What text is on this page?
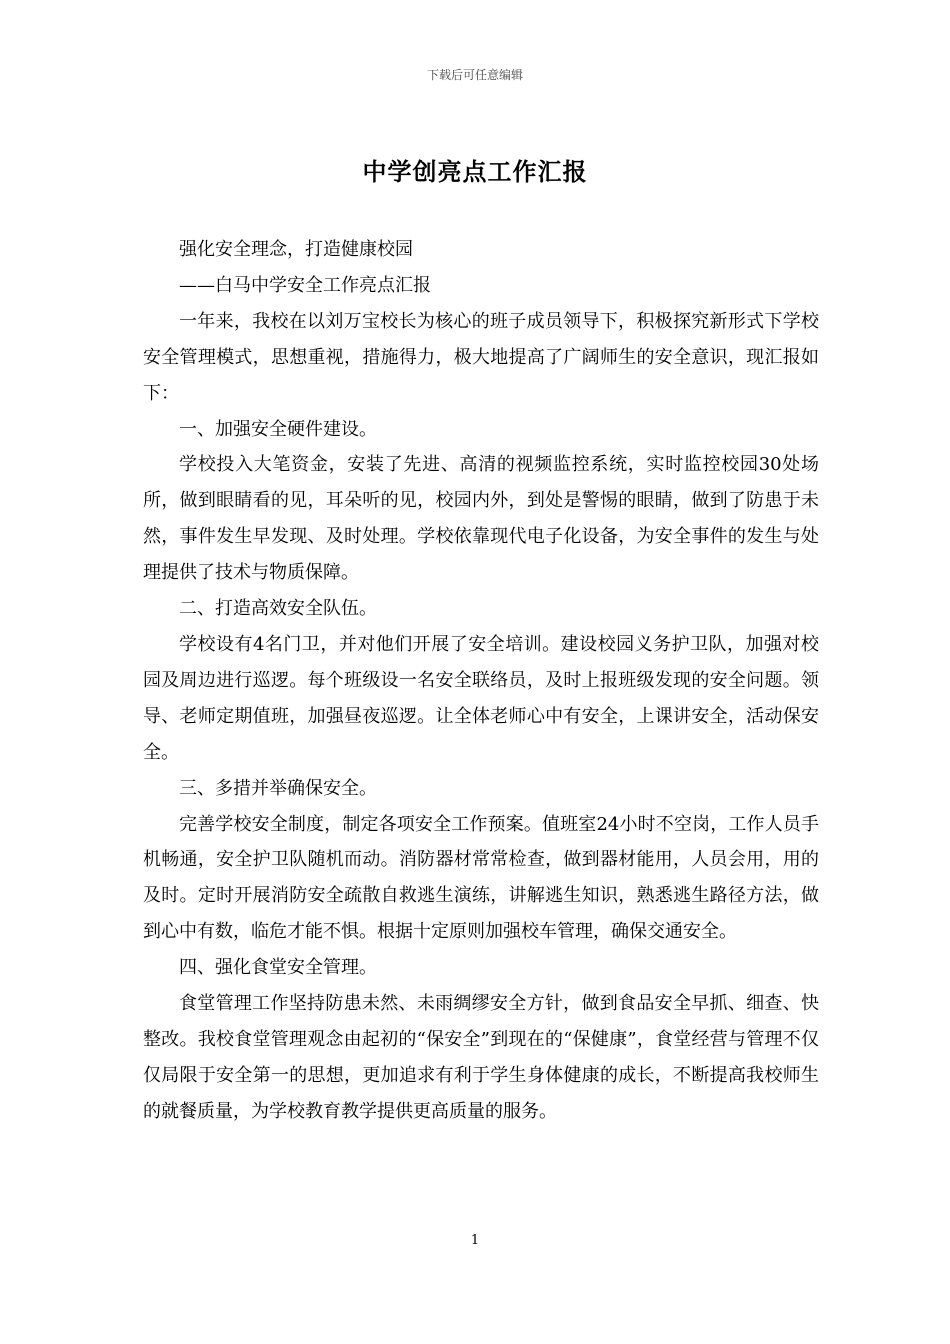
下载后可任意编辑
中学创亮点工作汇报

强化安全理念，打造健康校园

——白马中学安全工作亮点汇报

一年来，我校在以刘万宝校长为核心的班子成员领导下，积极探究新形式下学校安全管理模式，思想重视，措施得力，极大地提高了广阔师生的安全意识，现汇报如下：

一、加强安全硬件建设。

学校投入大笔资金，安装了先进、高清的视频监控系统，实时监控校园30处场所，做到眼睛看的见，耳朵听的见，校园内外，到处是警惕的眼睛，做到了防患于未然，事件发生早发现、及时处理。学校依靠现代电子化设备，为安全事件的发生与处理提供了技术与物质保障。

二、打造高效安全队伍。

学校设有4名门卫，并对他们开展了安全培训。建设校园义务护卫队，加强对校园及周边进行巡逻。每个班级设一名安全联络员，及时上报班级发现的安全问题。领导、老师定期值班，加强昼夜巡逻。让全体老师心中有安全，上课讲安全，活动保安全。

三、多措并举确保安全。

完善学校安全制度，制定各项安全工作预案。值班室24小时不空岗，工作人员手机畅通，安全护卫队随机而动。消防器材常常检查，做到器材能用，人员会用，用的及时。定时开展消防安全疏散自救逃生演练，讲解逃生知识，熟悉逃生路径方法，做到心中有数，临危才能不惧。根据十定原则加强校车管理，确保交通安全。

四、强化食堂安全管理。

食堂管理工作坚持防患未然、未雨绸缪安全方针，做到食品安全早抓、细查、快整改。我校食堂管理观念由起初的“保安全”到现在的“保健康”，食堂经营与管理不仅仅局限于安全第一的思想，更加追求有利于学生身体健康的成长，不断提高我校师生的就餐质量，为学校教育教学提供更高质量的服务。

1
